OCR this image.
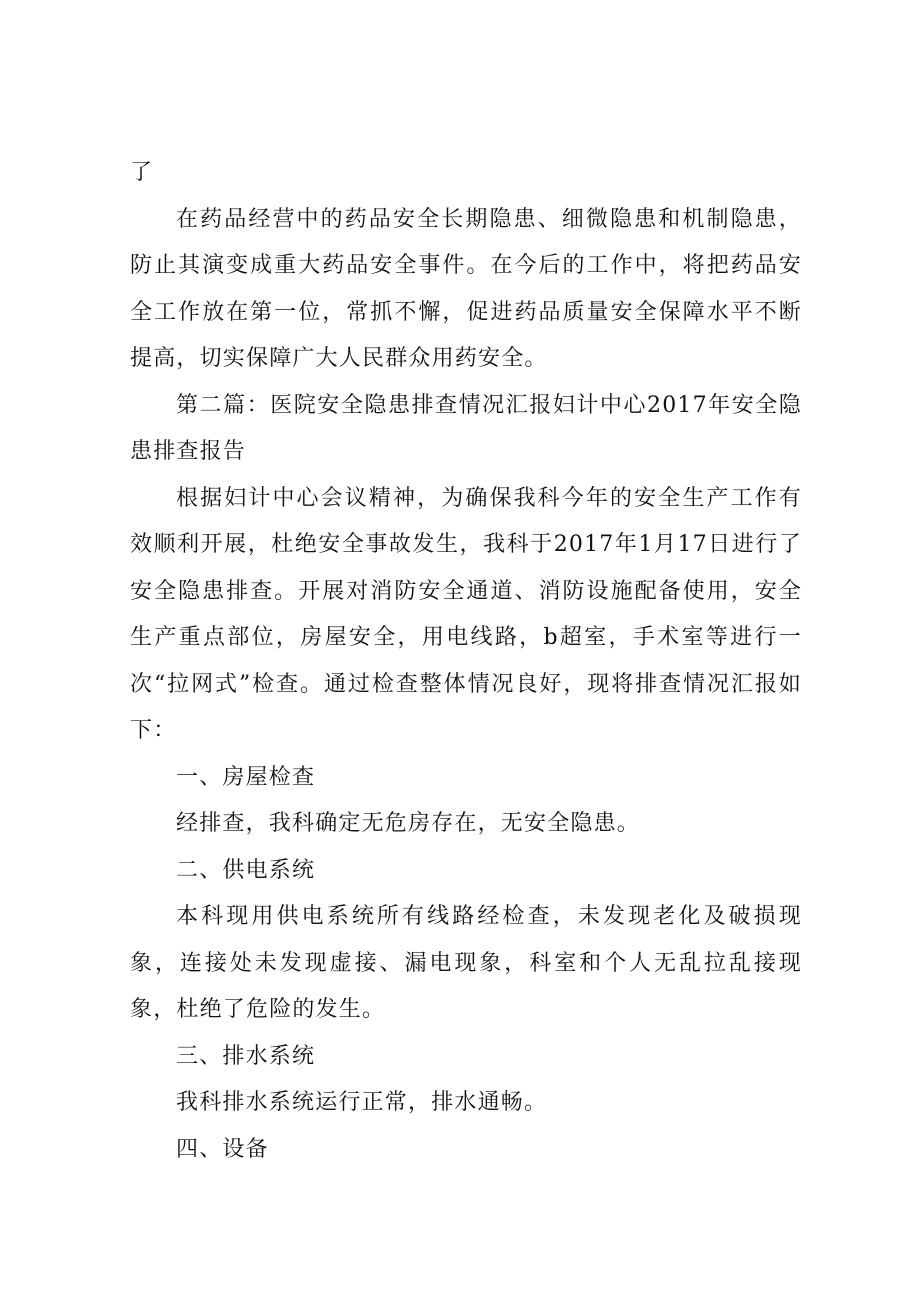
了

在药品经营中的药品安全长期隐患、细微隐患和机制隐患，防止其演变成重大药品安全事件。在今后的工作中，将把药品安全工作放在第一位，常抓不懈，促进药品质量安全保障水平不断提高，切实保障广大人民群众用药安全。

第二篇：医院安全隐患排查情况汇报妇计中心2017年安全隐患排查报告

根据妇计中心会议精神，为确保我科今年的安全生产工作有效顺利开展，杜绝安全事故发生，我科于2017年1月17日进行了安全隐患排查。开展对消防安全通道、消防设施配备使用，安全生产重点部位，房屋安全，用电线路，b超室，手术室等进行一次“拉网式”检查。通过检查整体情况良好，现将排查情况汇报如下：

一、房屋检查

经排查，我科确定无危房存在，无安全隐患。

二、供电系统

本科现用供电系统所有线路经检查，未发现老化及破损现象，连接处未发现虚接、漏电现象，科室和个人无乱拉乱接现象，杜绝了危险的发生。

三、排水系统

我科排水系统运行正常，排水通畅。

四、设备
